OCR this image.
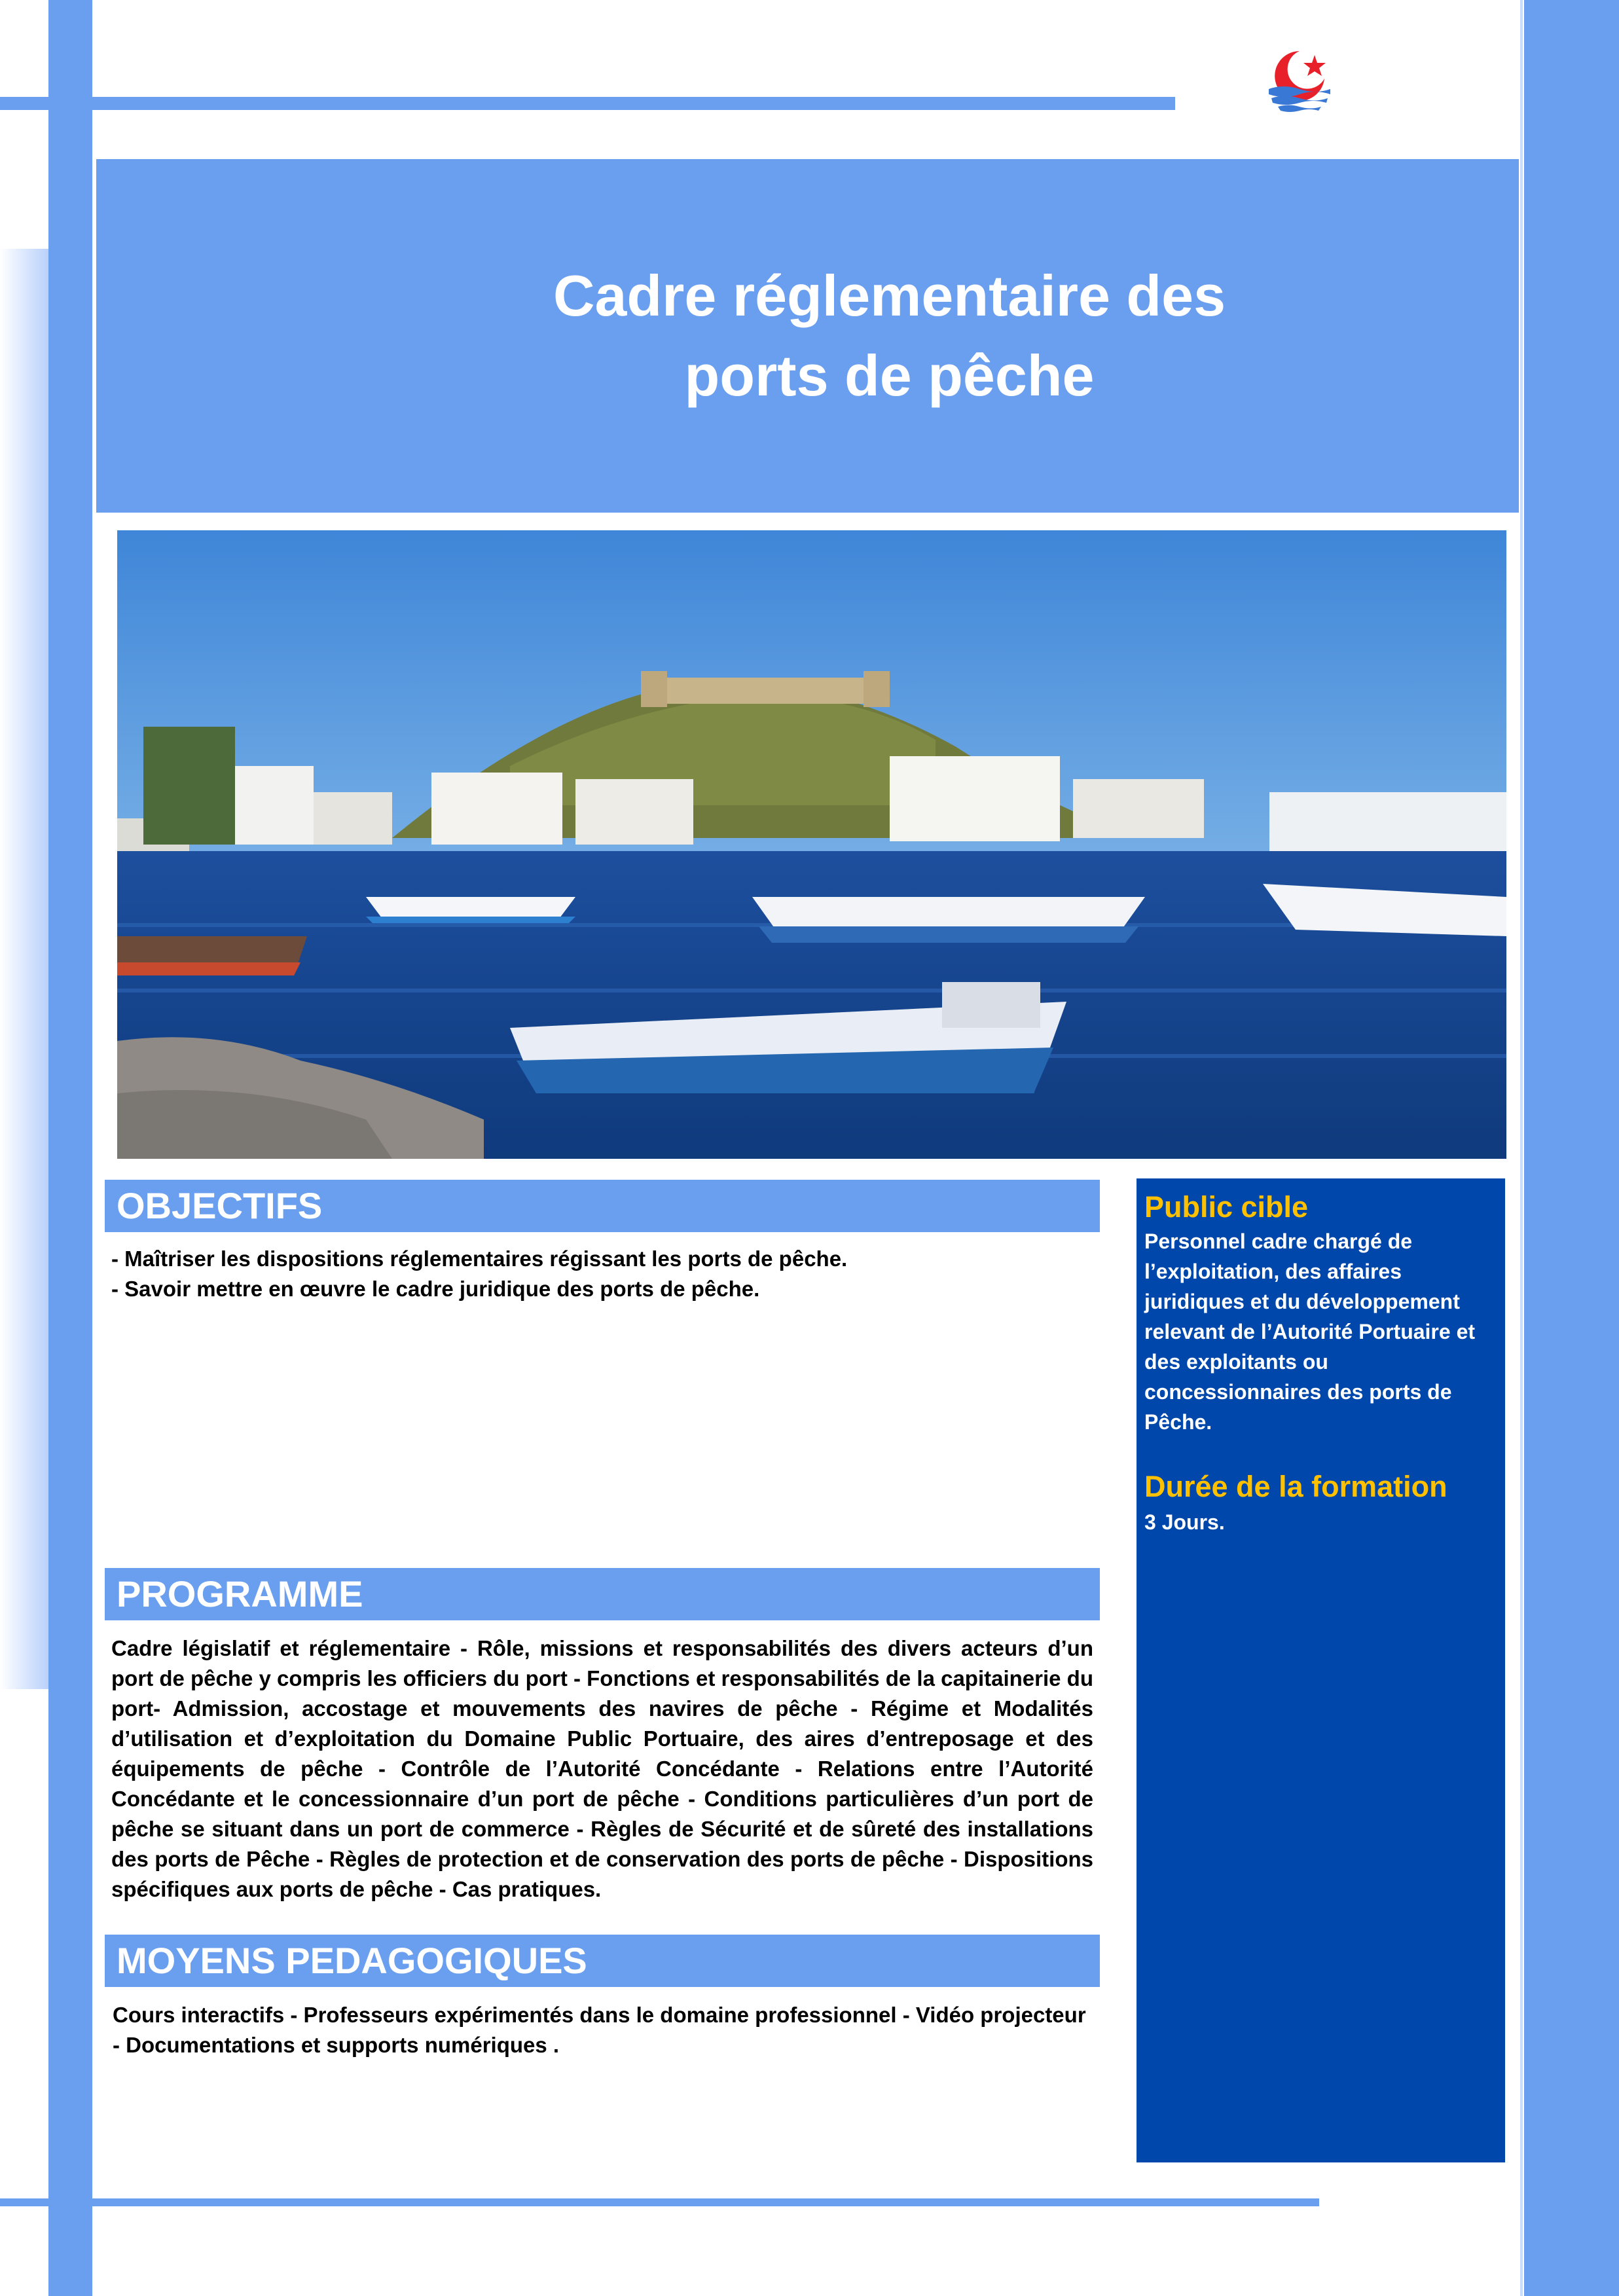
Cadre réglementaire des
ports de pêche
OBJECTIFS
- Maîtriser les dispositions réglementaires régissant les ports de pêche.
- Savoir mettre en œuvre le cadre juridique des ports de pêche.
PROGRAMME
Cadre législatif et réglementaire - Rôle, missions et responsabilités des divers acteurs d’un port de pêche y compris les officiers du port - Fonctions et responsabilités de la capitainerie du port- Admission, accostage et mouvements des navires de pêche - Régime et Modalités d’utilisation et d’exploitation du Domaine Public Portuaire, des aires d’entreposage et des équipements de pêche - Contrôle de l’Autorité Concédante - Relations entre l’Autorité Concédante et le concessionnaire d’un port de pêche - Conditions particulières d’un port de pêche se situant dans un port de commerce - Règles de Sécurité et de sûreté des installations des ports de Pêche - Règles de protection et de conservation des ports de pêche - Dispositions spécifiques aux ports de pêche - Cas pratiques.
MOYENS PEDAGOGIQUES
Cours interactifs - Professeurs expérimentés dans le domaine professionnel - Vidéo projecteur - Documentations et supports numériques .
Public cible
Personnel cadre chargé de l’exploitation, des affaires juridiques et du développement relevant de l’Autorité Portuaire et des exploitants ou concessionnaires des ports de Pêche.
Durée de la formation
3 Jours.
